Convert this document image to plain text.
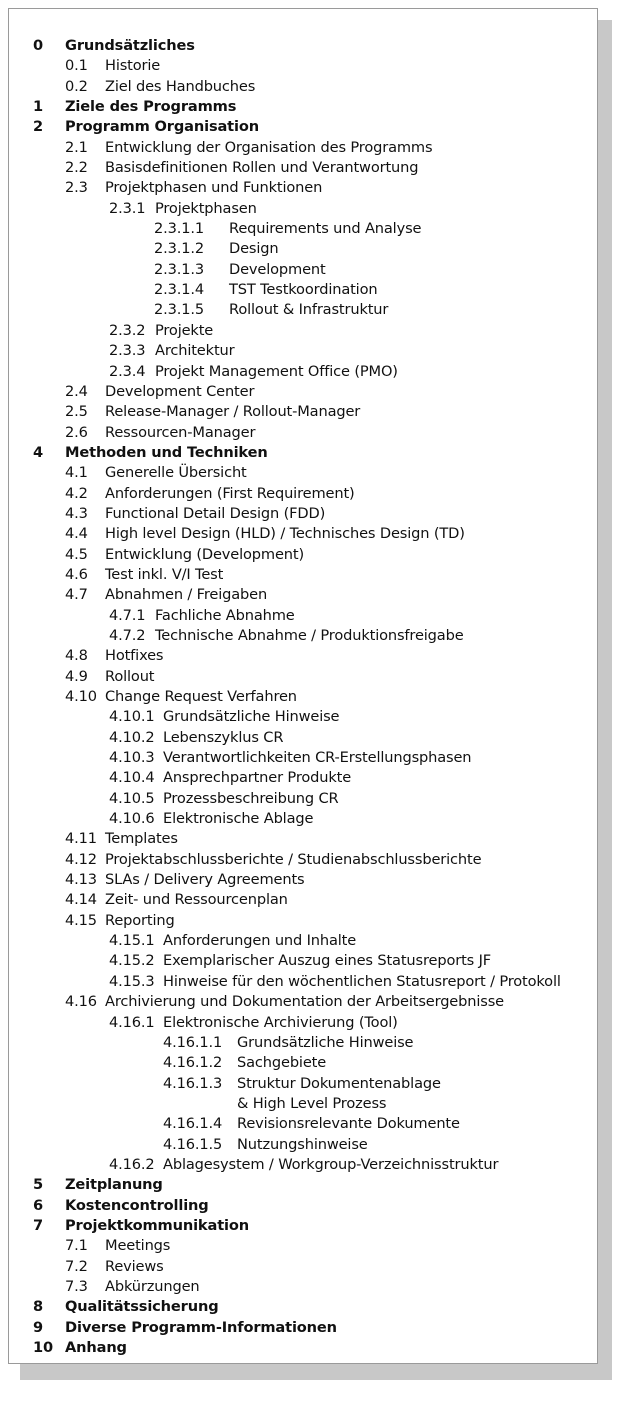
0 Grundsätzliches
0.1 Historie
0.2 Ziel des Handbuches
1 Ziele des Programms
2 Programm Organisation
2.1 Entwicklung der Organisation des Programms
2.2 Basisdefinitionen Rollen und Verantwortung
2.3 Projektphasen und Funktionen
2.3.1 Projektphasen
2.3.1.1 Requirements und Analyse
2.3.1.2 Design
2.3.1.3 Development
2.3.1.4 TST Testkoordination
2.3.1.5 Rollout & Infrastruktur
2.3.2 Projekte
2.3.3 Architektur
2.3.4 Projekt Management Office (PMO)
2.4 Development Center
2.5 Release-Manager / Rollout-Manager
2.6 Ressourcen-Manager
4 Methoden und Techniken
4.1 Generelle Übersicht
4.2 Anforderungen (First Requirement)
4.3 Functional Detail Design (FDD)
4.4 High level Design (HLD) / Technisches Design (TD)
4.5 Entwicklung (Development)
4.6 Test inkl. V/I Test
4.7 Abnahmen / Freigaben
4.7.1 Fachliche Abnahme
4.7.2 Technische Abnahme / Produktionsfreigabe
4.8 Hotfixes
4.9 Rollout
4.10 Change Request Verfahren
4.10.1 Grundsätzliche Hinweise
4.10.2 Lebenszyklus CR
4.10.3 Verantwortlichkeiten CR-Erstellungsphasen
4.10.4 Ansprechpartner Produkte
4.10.5 Prozessbeschreibung CR
4.10.6 Elektronische Ablage
4.11 Templates
4.12 Projektabschlussberichte / Studienabschlussberichte
4.13 SLAs / Delivery Agreements
4.14 Zeit- und Ressourcenplan
4.15 Reporting
4.15.1 Anforderungen und Inhalte
4.15.2 Exemplarischer Auszug eines Statusreports JF
4.15.3 Hinweise für den wöchentlichen Statusreport / Protokoll
4.16 Archivierung und Dokumentation der Arbeitsergebnisse
4.16.1 Elektronische Archivierung (Tool)
4.16.1.1 Grundsätzliche Hinweise
4.16.1.2 Sachgebiete
4.16.1.3 Struktur Dokumentenablage
& High Level Prozess
4.16.1.4 Revisionsrelevante Dokumente
4.16.1.5 Nutzungshinweise
4.16.2 Ablagesystem / Workgroup-Verzeichnisstruktur
5 Zeitplanung
6 Kostencontrolling
7 Projektkommunikation
7.1 Meetings
7.2 Reviews
7.3 Abkürzungen
8 Qualitätssicherung
9 Diverse Programm-Informationen
10 Anhang
